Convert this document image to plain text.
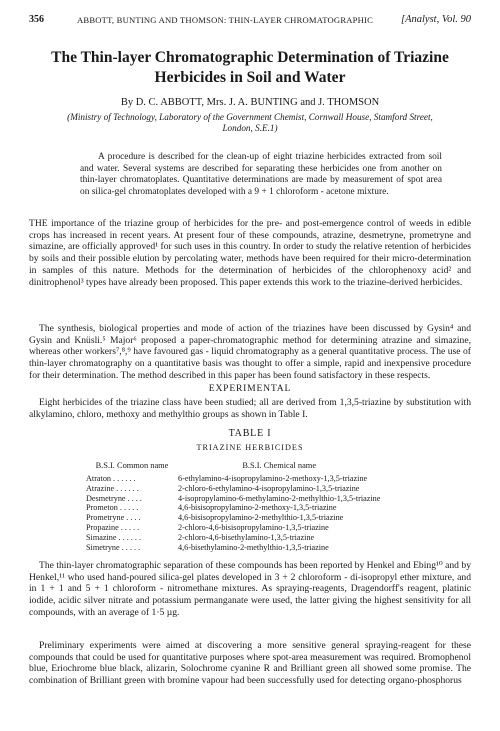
356	ABBOTT, BUNTING AND THOMSON: THIN-LAYER CHROMATOGRAPHIC	[Analyst, Vol. 90
The Thin-layer Chromatographic Determination of Triazine Herbicides in Soil and Water
By D. C. ABBOTT, Mrs. J. A. BUNTING and J. THOMSON
(Ministry of Technology, Laboratory of the Government Chemist, Cornwall House, Stamford Street, London, S.E.1)

A procedure is described for the clean-up of eight triazine herbicides extracted from soil and water. Several systems are described for separating these herbicides one from another on thin-layer chromatoplates. Quantitative determinations are made by measurement of spot area on silica-gel chromatoplates developed with a 9 + 1 chloroform - acetone mixture.

THE importance of the triazine group of herbicides for the pre- and post-emergence control of weeds in edible crops has increased in recent years. At present four of these compounds, atrazine, desmetryne, prometryne and simazine, are officially approved¹ for such uses in this country. In order to study the relative retention of herbicides by soils and their possible elution by percolating water, methods have been required for their micro-determination in samples of this nature. Methods for the determination of herbicides of the chlorophenoxy acid² and dinitrophenol³ types have already been proposed. This paper extends this work to the triazine-derived herbicides.

The synthesis, biological properties and mode of action of the triazines have been discussed by Gysin⁴ and Gysin and Knüsli.⁵ Major⁶ proposed a paper-chromatographic method for determining atrazine and simazine, whereas other workers⁷,⁸,⁹ have favoured gas - liquid chromatography as a general quantitative process. The use of thin-layer chromatography on a quantitative basis was thought to offer a simple, rapid and inexpensive procedure for their determination. The method described in this paper has been found satisfactory in these respects.

EXPERIMENTAL

Eight herbicides of the triazine class have been studied; all are derived from 1,3,5-triazine by substitution with alkylamino, chloro, methoxy and methylthio groups as shown in Table I.

TABLE I

TRIAZINE HERBICIDES

B.S.I. Common name	B.S.I. Chemical name
Atraton . . . . . .	6-ethylamino-4-isopropylamino-2-methoxy-1,3,5-triazine
Atrazine . . . . . .	2-chloro-6-ethylamino-4-isopropylamino-1,3,5-triazine
Desmetryne . . . .	4-isopropylamino-6-methylamino-2-methylthio-1,3,5-triazine
Prometon . . . . .	4,6-bisisopropylamino-2-methoxy-1,3,5-triazine
Prometryne . . . .	4,6-bisisopropylamino-2-methylthio-1,3,5-triazine
Propazine . . . . .	2-chloro-4,6-bisisopropylamino-1,3,5-triazine
Simazine . . . . . .	2-chloro-4,6-bisethylamino-1,3,5-triazine
Simetryne . . . . .	4,6-bisethylamino-2-methylthio-1,3,5-triazine

The thin-layer chromatographic separation of these compounds has been reported by Henkel and Ebing¹⁰ and by Henkel,¹¹ who used hand-poured silica-gel plates developed in 3 + 2 chloroform - di-isopropyl ether mixture, and in 1 + 1 and 5 + 1 chloroform - nitromethane mixtures. As spraying-reagents, Dragendorff's reagent, platinic iodide, acidic silver nitrate and potassium permanganate were used, the latter giving the highest sensitivity for all compounds, with an average of 1·5 µg.

Preliminary experiments were aimed at discovering a more sensitive general spraying-reagent for these compounds that could be used for quantitative purposes where spot-area measurement was required. Bromophenol blue, Eriochrome blue black, alizarin, Solochrome cyanine R and Brilliant green all showed some promise. The combination of Brilliant green with bromine vapour had been successfully used for detecting organo-phosphorus
